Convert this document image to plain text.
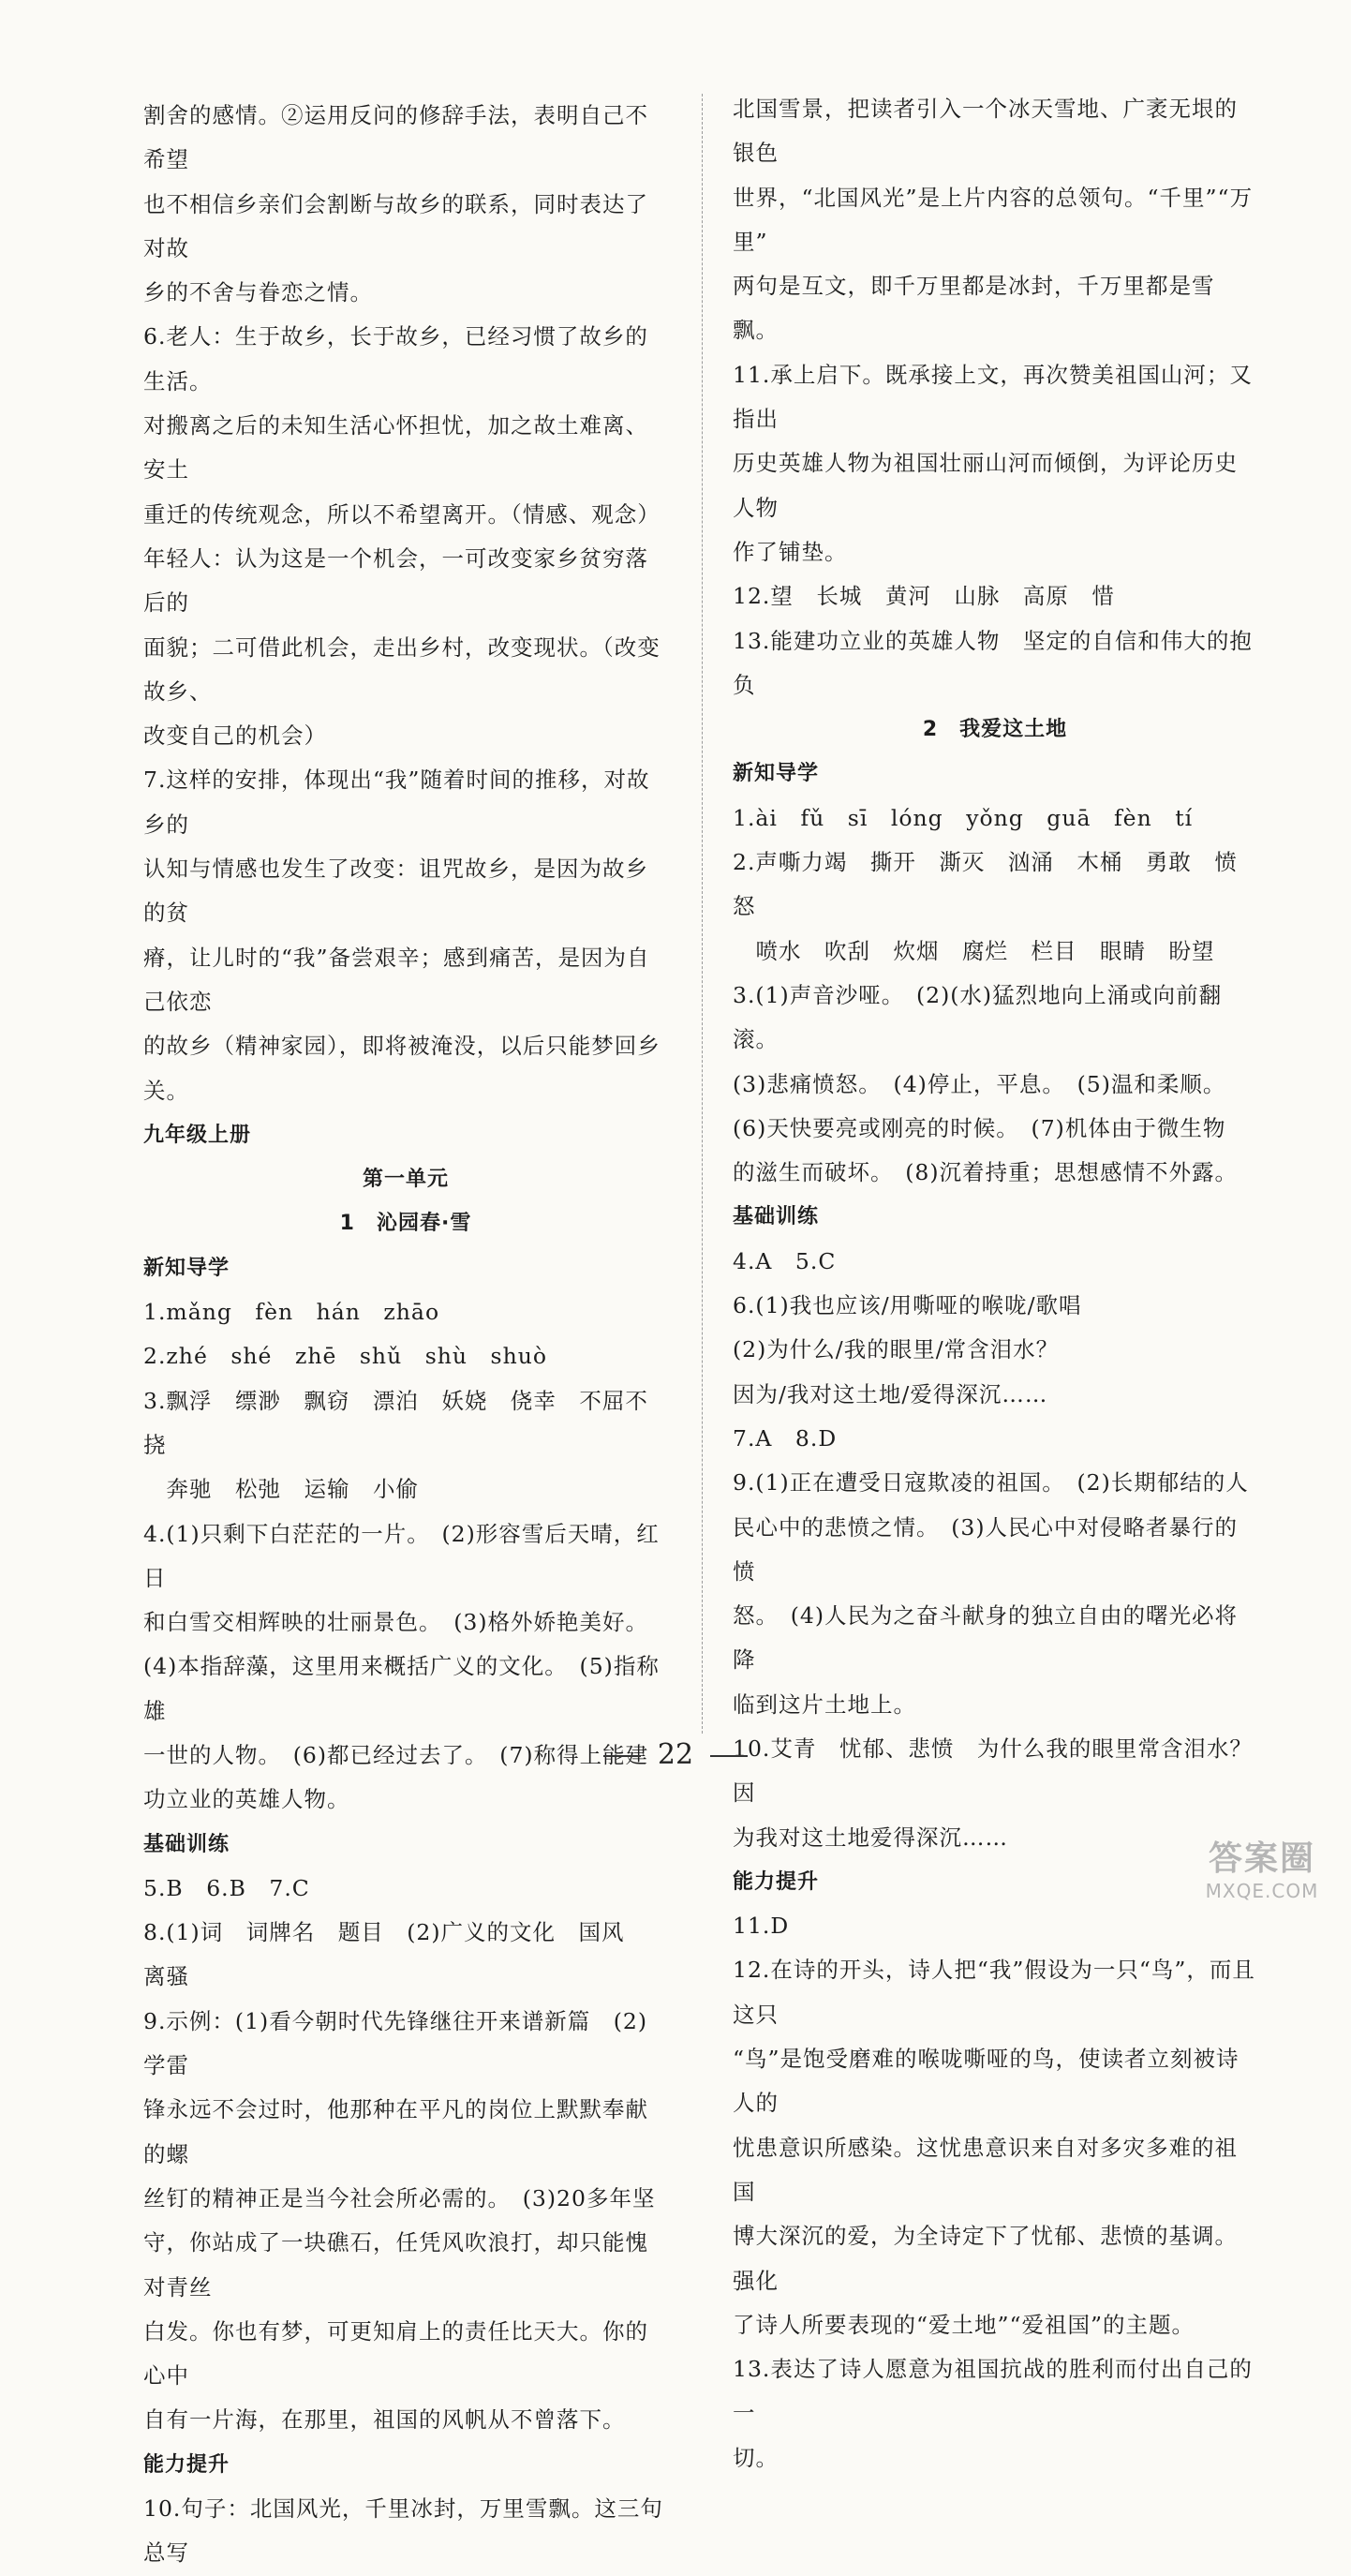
割舍的感情。②运用反问的修辞手法，表明自己不希望

也不相信乡亲们会割断与故乡的联系，同时表达了对故

乡的不舍与眷恋之情。

6.老人：生于故乡，长于故乡，已经习惯了故乡的生活。

对搬离之后的未知生活心怀担忧，加之故土难离、安土

重迁的传统观念，所以不希望离开。（情感、观念）

年轻人：认为这是一个机会，一可改变家乡贫穷落后的

面貌；二可借此机会，走出乡村，改变现状。（改变故乡、

改变自己的机会）

7.这样的安排，体现出“我”随着时间的推移，对故乡的

认知与情感也发生了改变：诅咒故乡，是因为故乡的贫

瘠，让儿时的“我”备尝艰辛；感到痛苦，是因为自己依恋

的故乡（精神家园），即将被淹没，以后只能梦回乡关。

九年级上册

第一单元

1　沁园春·雪

新知导学

1.mǎng　fèn　hán　zhāo

2.zhé　shé　zhē　shǔ　shù　shuò

3.飘浮　缥渺　飘窃　漂泊　妖娆　侥幸　不屈不挠

　奔驰　松弛　运输　小偷

4.(1)只剩下白茫茫的一片。　(2)形容雪后天晴，红日

和白雪交相辉映的壮丽景色。　(3)格外娇艳美好。

(4)本指辞藻，这里用来概括广义的文化。　(5)指称雄

一世的人物。　(6)都已经过去了。　(7)称得上能建

功立业的英雄人物。

基础训练

5.B　6.B　7.C

8.(1)词　词牌名　题目　(2)广义的文化　国风

离骚

9.示例：(1)看今朝时代先锋继往开来谱新篇　(2)学雷

锋永远不会过时，他那种在平凡的岗位上默默奉献的螺

丝钉的精神正是当今社会所必需的。　(3)20多年坚

守，你站成了一块礁石，任凭风吹浪打，却只能愧对青丝

白发。你也有梦，可更知肩上的责任比天大。你的心中

自有一片海，在那里，祖国的风帆从不曾落下。

能力提升

10.句子：北国风光，千里冰封，万里雪飘。这三句总写

北国雪景，把读者引入一个冰天雪地、广袤无垠的银色

世界，“北国风光”是上片内容的总领句。“千里”“万里”

两句是互文，即千万里都是冰封，千万里都是雪飘。

11.承上启下。既承接上文，再次赞美祖国山河；又指出

历史英雄人物为祖国壮丽山河而倾倒，为评论历史人物

作了铺垫。

12.望　长城　黄河　山脉　高原　惜

13.能建功立业的英雄人物　坚定的自信和伟大的抱负

2　我爱这土地

新知导学

1.ài　fǔ　sī　lóng　yǒng　guā　fèn　tí

2.声嘶力竭　撕开　澌灭　汹涌　木桶　勇敢　愤怒

　喷水　吹刮　炊烟　腐烂　栏目　眼睛　盼望

3.(1)声音沙哑。　(2)(水)猛烈地向上涌或向前翻滚。

(3)悲痛愤怒。　(4)停止，平息。　(5)温和柔顺。

(6)天快要亮或刚亮的时候。　(7)机体由于微生物

的滋生而破坏。　(8)沉着持重；思想感情不外露。

基础训练

4.A　5.C

6.(1)我也应该/用嘶哑的喉咙/歌唱

(2)为什么/我的眼里/常含泪水？

因为/我对这土地/爱得深沉……

7.A　8.D

9.(1)正在遭受日寇欺凌的祖国。　(2)长期郁结的人

民心中的悲愤之情。　(3)人民心中对侵略者暴行的愤

怒。　(4)人民为之奋斗献身的独立自由的曙光必将降

临到这片土地上。

10.艾青　忧郁、悲愤　为什么我的眼里常含泪水？因

为我对这土地爱得深沉……

能力提升

11.D

12.在诗的开头，诗人把“我”假设为一只“鸟”，而且这只

“鸟”是饱受磨难的喉咙嘶哑的鸟，使读者立刻被诗人的

忧患意识所感染。这忧患意识来自对多灾多难的祖国

博大深沉的爱，为全诗定下了忧郁、悲愤的基调。强化

了诗人所要表现的“爱土地”“爱祖国”的主题。

13.表达了诗人愿意为祖国抗战的胜利而付出自己的一

切。

22
答案圈
MXQE.COM
